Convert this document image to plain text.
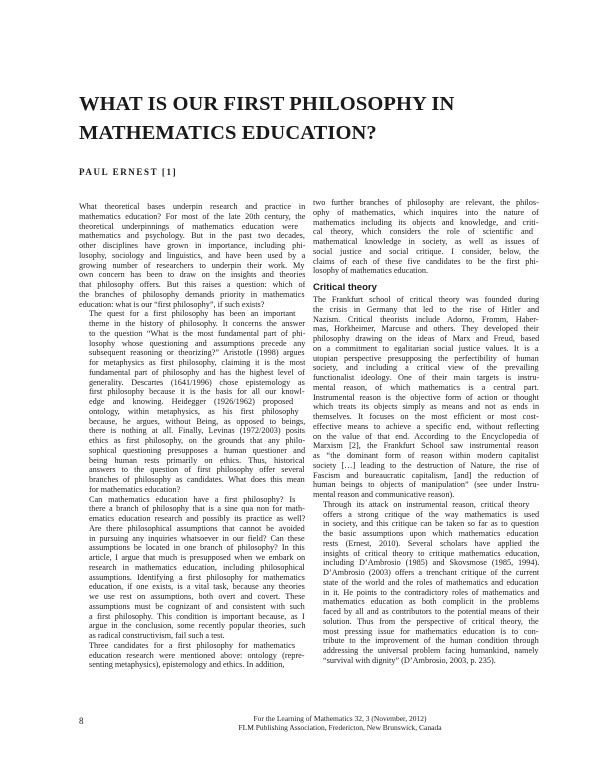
WHAT IS OUR FIRST PHILOSOPHY IN
MATHEMATICS EDUCATION?
PAUL ERNEST [1]

What theoretical bases underpin research and practice in
mathematics education? For most of the late 20th century, the
theoretical underpinnings of mathematics education were
mathematics and psychology. But in the past two decades,
other disciplines have grown in importance, including phi-
losophy, sociology and linguistics, and have been used by a
growing number of researchers to underpin their work. My
own concern has been to draw on the insights and theories
that philosophy offers. But this raises a question: which of
the branches of philosophy demands priority in mathematics
education: what is our “first philosophy”, if such exists?

The quest for a first philosophy has been an important
theme in the history of philosophy. It concerns the answer
to the question “What is the most fundamental part of phi-
losophy whose questioning and assumptions precede any
subsequent reasoning or theorizing?” Aristotle (1998) argues
for metaphysics as first philosophy, claiming it is the most
fundamental part of philosophy and has the highest level of
generality. Descartes (1641/1996) chose epistemology as
first philosophy because it is the basis for all our knowl-
edge and knowing. Heidegger (1926/1962) proposed
ontology, within metaphysics, as his first philosophy
because, he argues, without Being, as opposed to beings,
there is nothing at all. Finally, Levinas (1972/2003) posits
ethics as first philosophy, on the grounds that any philo-
sophical questioning presupposes a human questioner and
being human rests primarily on ethics. Thus, historical
answers to the question of first philosophy offer several
branches of philosophy as candidates. What does this mean
for mathematics education?

Can mathematics education have a first philosophy? Is
there a branch of philosophy that is a sine qua non for math-
ematics education research and possibly its practice as well?
Are there philosophical assumptions that cannot be avoided
in pursuing any inquiries whatsoever in our field? Can these
assumptions be located in one branch of philosophy? In this
article, I argue that much is presupposed when we embark on
research in mathematics education, including philosophical
assumptions. Identifying a first philosophy for mathematics
education, if one exists, is a vital task, because any theories
we use rest on assumptions, both overt and covert. These
assumptions must be cognizant of and consistent with such
a first philosophy. This condition is important because, as I
argue in the conclusion, some recently popular theories, such
as radical constructivism, fail such a test.

Three candidates for a first philosophy for mathematics
education research were mentioned above: ontology (repre-
senting metaphysics), epistemology and ethics. In addition,

two further branches of philosophy are relevant, the philos-
ophy of mathematics, which inquires into the nature of
mathematics including its objects and knowledge, and criti-
cal theory, which considers the role of scientific and
mathematical knowledge in society, as well as issues of
social justice and social critique. I consider, below, the
claims of each of these five candidates to be the first phi-
losophy of mathematics education.

Critical theory

The Frankfurt school of critical theory was founded during
the crisis in Germany that led to the rise of Hitler and
Nazism. Critical theorists include Adorno, Fromm, Haber-
mas, Horkheimer, Marcuse and others. They developed their
philosophy drawing on the ideas of Marx and Freud, based
on a commitment to egalitarian social justice values. It is a
utopian perspective presupposing the perfectibility of human
society, and including a critical view of the prevailing
functionalist ideology. One of their main targets is instru-
mental reason, of which mathematics is a central part.
Instrumental reason is the objective form of action or thought
which treats its objects simply as means and not as ends in
themselves. It focuses on the most efficient or most cost-
effective means to achieve a specific end, without reflecting
on the value of that end. According to the Encyclopedia of
Marxism [2], the Frankfurt School saw instrumental reason
as “the dominant form of reason within modern capitalist
society […] leading to the destruction of Nature, the rise of
Fascism and bureaucratic capitalism, [and] the reduction of
human beings to objects of manipulation” (see under Instru-
mental reason and communicative reason).

Through its attack on instrumental reason, critical theory
offers a strong critique of the way mathematics is used
in society, and this critique can be taken so far as to question
the basic assumptions upon which mathematics education
rests (Ernest, 2010). Several scholars have applied the
insights of critical theory to critique mathematics education,
including D’Ambrosio (1985) and Skovsmose (1985, 1994).
D’Ambrosio (2003) offers a trenchant critique of the current
state of the world and the roles of mathematics and education
in it. He points to the contradictory roles of mathematics and
mathematics education as both complicit in the problems
faced by all and as contributors to the potential means of their
solution. Thus from the perspective of critical theory, the
most pressing issue for mathematics education is to con-
tribute to the improvement of the human condition through
addressing the universal problem facing humankind, namely
“survival with dignity” (D’Ambrosio, 2003, p. 235).

8	For the Learning of Mathematics 32, 3 (November, 2012)
FLM Publishing Association, Fredericton, New Brunswick, Canada
